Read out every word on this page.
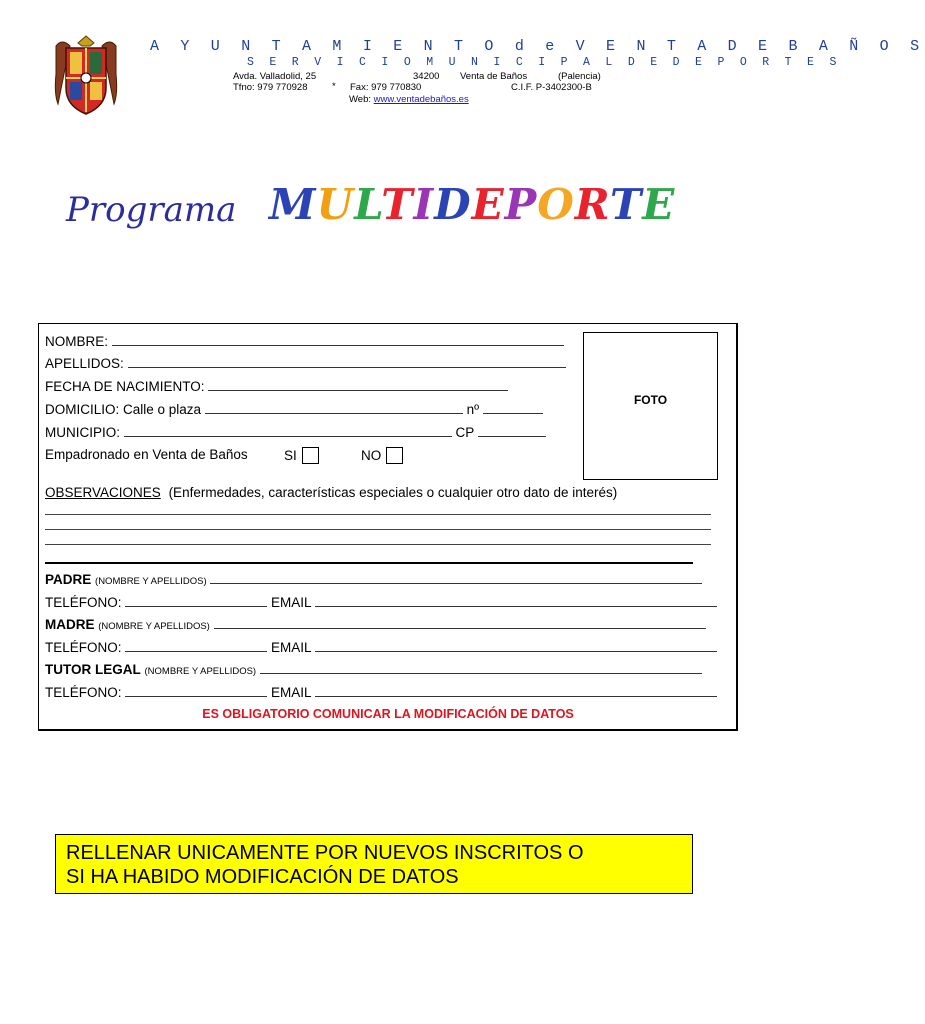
A Y U N T A M I E N T O d e V E N T A D E B A Ñ O S
S E R V I C I O M U N I C I P A L D E D E P O R T E S
Avda. Valladolid, 25	34200 Venta de Baños	(Palencia)
Tfno: 979 770928	* Fax: 979 770830	C.I.F. P-3402300-B
Web: www.ventadebaños.es
Programa MULTIDEPORTE
FOTO
NOMBRE:
APELLIDOS:
FECHA DE NACIMIENTO:
DOMICILIO: Calle o plaza	nº
MUNICIPIO:	CP
Empadronado en Venta de Baños	SI	NO
OBSERVACIONES (Enfermedades, características especiales o cualquier otro dato de interés)
PADRE (NOMBRE Y APELLIDOS)
TELÉFONO:	EMAIL
MADRE (NOMBRE Y APELLIDOS)
TELÉFONO:	EMAIL
TUTOR LEGAL (NOMBRE Y APELLIDOS)
TELÉFONO:	EMAIL
ES OBLIGATORIO COMUNICAR LA MODIFICACIÓN DE DATOS
RELLENAR UNICAMENTE POR NUEVOS INSCRITOS O
SI HA HABIDO MODIFICACIÓN DE DATOS
